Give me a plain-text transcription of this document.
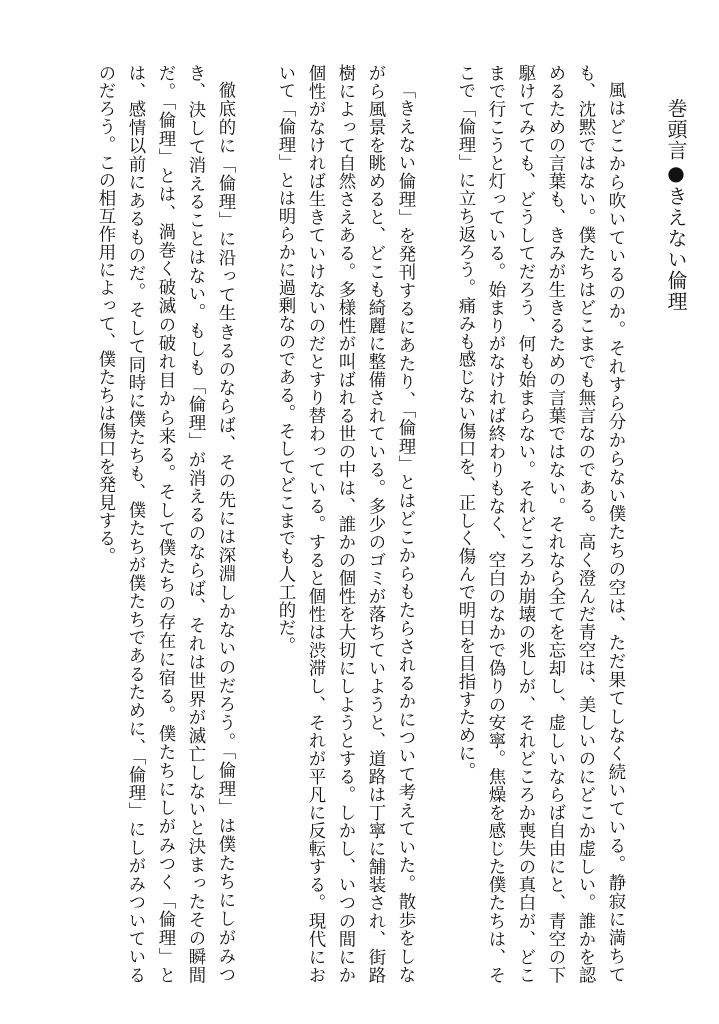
巻頭言●きえない倫理

風はどこから吹いているのか。それすら分からない僕たちの空は、ただ果てしなく続いている。静寂に満ちても、沈黙ではない。僕たちはどこまでも無言なのである。高く澄んだ青空は、美しいのにどこか虚しい。誰かを認めるための言葉も、きみが生きるための言葉ではない。それなら全てを忘却し、虚しいならば自由にと、青空の下駆けてみても、どうしてだろう、何も始まらない。それどころか崩壊の兆しが、それどころか喪失の真白が、どこまで行こうと灯っている。始まりがなければ終わりもなく、空白のなかで偽りの安寧。焦燥を感じた僕たちは、そこで「倫理」に立ち返ろう。痛みも感じない傷口を、正しく傷んで明日を目指すために。

「きえない倫理」を発刊するにあたり、「倫理」とはどこからもたらされるかについて考えていた。散歩をしながら風景を眺めると、どこも綺麗に整備されている。多少のゴミが落ちていようと、道路は丁寧に舗装され、街路樹によって自然さえある。多様性が叫ばれる世の中は、誰かの個性を大切にしようとする。しかし、いつの間にか個性がなければ生きていけないのだとすり替わっている。すると個性は渋滞し、それが平凡に反転する。現代において「倫理」とは明らかに過剰なのである。そしてどこまでも人工的だ。

徹底的に「倫理」に沿って生きるのならば、その先には深淵しかないのだろう。「倫理」は僕たちにしがみつき、決して消えることはない。もしも「倫理」が消えるのならば、それは世界が滅亡しないと決まったその瞬間だ。「倫理」とは、渦巻く破滅の破れ目から来る。そして僕たちの存在に宿る。僕たちにしがみつく「倫理」とは、感情以前にあるものだ。そして同時に僕たちも、僕たちが僕たちであるために、「倫理」にしがみついているのだろう。この相互作用によって、僕たちは傷口を発見する。
